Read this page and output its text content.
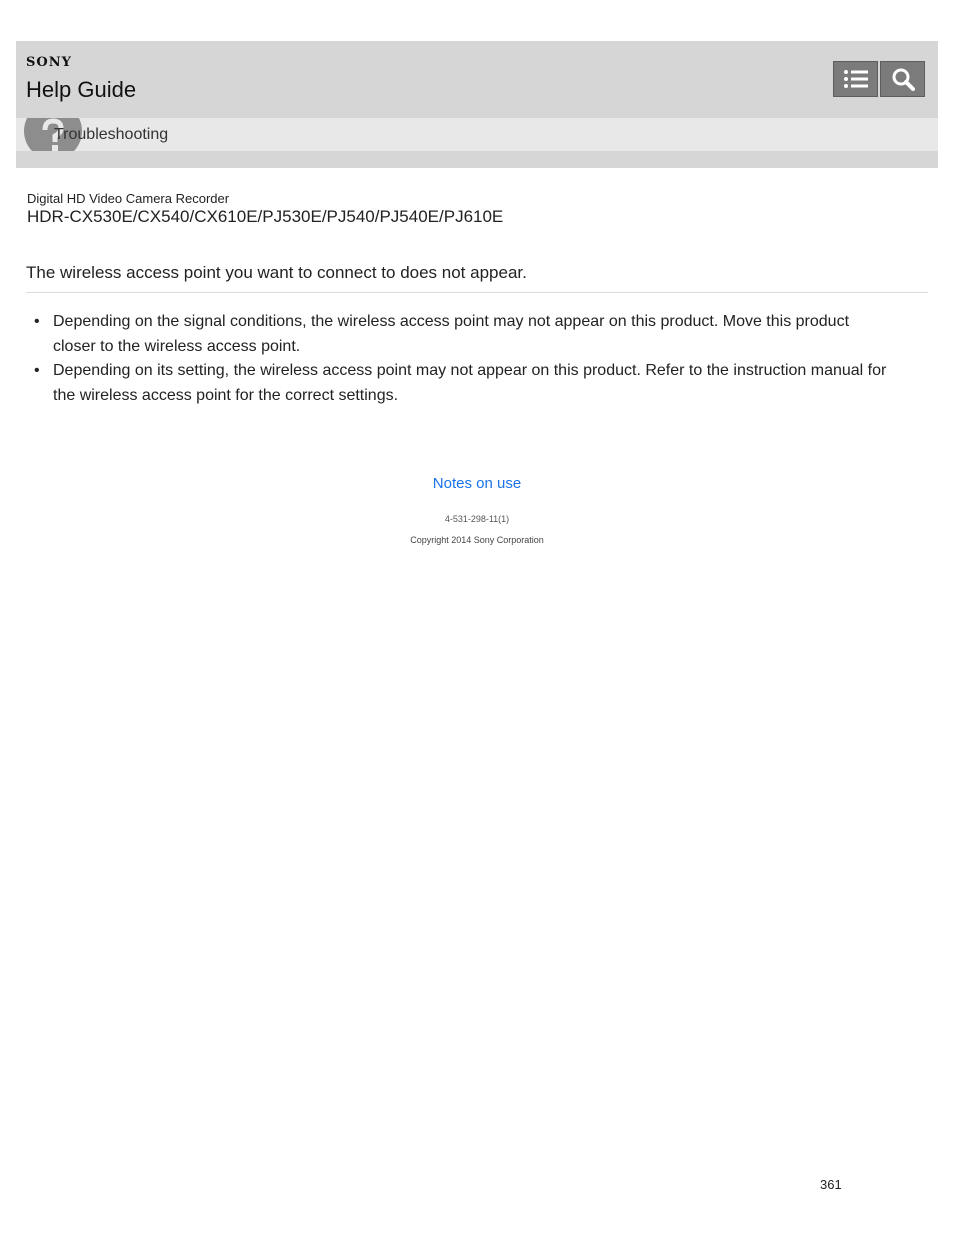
SONY
Help Guide
Troubleshooting
Digital HD Video Camera Recorder
HDR-CX530E/CX540/CX610E/PJ530E/PJ540/PJ540E/PJ610E
The wireless access point you want to connect to does not appear.
• Depending on the signal conditions, the wireless access point may not appear on this product. Move this product
closer to the wireless access point.
• Depending on its setting, the wireless access point may not appear on this product. Refer to the instruction manual for
the wireless access point for the correct settings.
Notes on use
4-531-298-11(1)
Copyright 2014 Sony Corporation
361
